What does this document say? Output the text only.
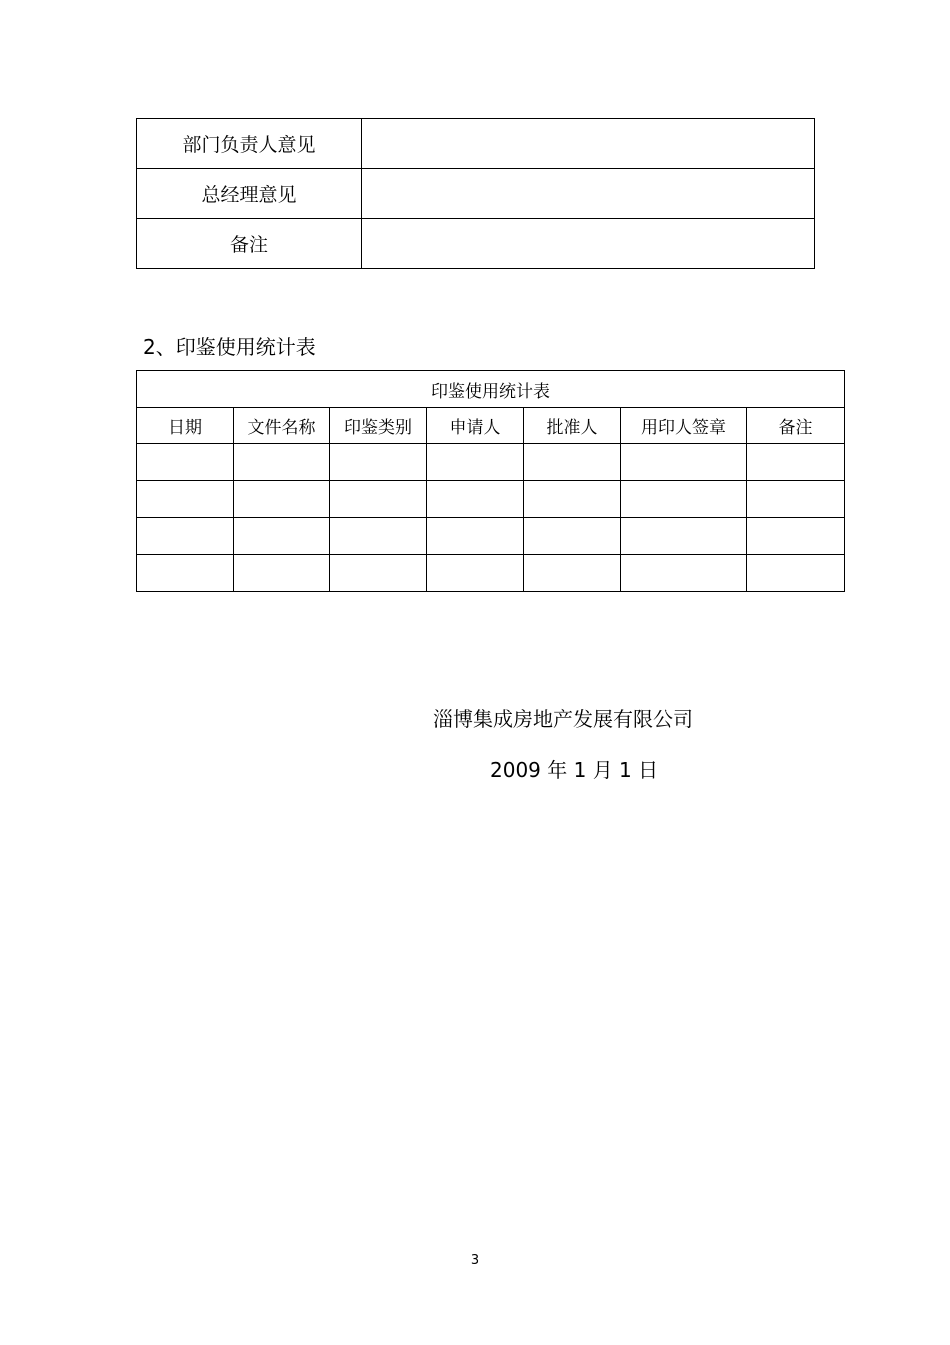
部门负责人意见	
总经理意见	
备注	
2、印鉴使用统计表
印鉴使用统计表						
日期	文件名称	印鉴类别	申请人	批准人	用印人签章	备注

淄博集成房地产发展有限公司
2009 年 1 月 1 日
3
